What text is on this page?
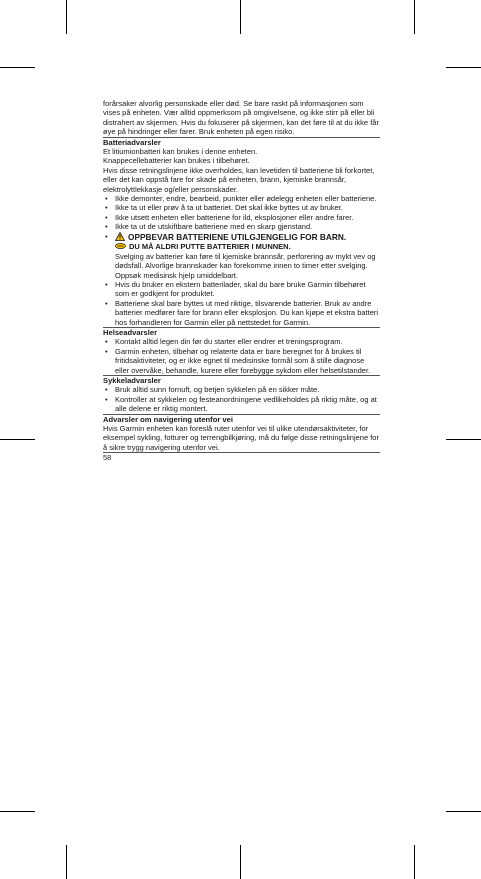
forårsaker alvorlig personskade eller død. Se bare raskt på informasjonen som vises på enheten. Vær alltid oppmerksom på omgivelsene, og ikke stirr på eller bli distrahert av skjermen. Hvis du fokuserer på skjermen, kan det føre til at du ikke får øye på hindringer eller farer. Bruk enheten på egen risiko.

Batteriadvarsler

Et litiumionbatteri kan brukes i denne enheten.

Knappecellebatterier kan brukes i tilbehøret.

Hvis disse retningslinjene ikke overholdes, kan levetiden til batteriene bli forkortet, eller det kan oppstå fare for skade på enheten, brann, kjemiske brannsår, elektrolyttlekkasje og/eller personskader.

• Ikke demonter, endre, bearbeid, punkter eller ødelegg enheten eller batteriene.
• Ikke ta ut eller prøv å ta ut batteriet. Det skal ikke byttes ut av bruker.
• Ikke utsett enheten eller batteriene for ild, eksplosjoner eller andre farer.
• Ikke ta ut de utskiftbare batteriene med en skarp gjenstand.
•	OPPBEVAR BATTERIENE UTILGJENGELIG FOR BARN.
DU MÅ ALDRI PUTTE BATTERIER I MUNNEN.
Svelging av batterier kan føre til kjemiske brannsår, perforering av mykt vev og dødsfall. Alvorlige brannskader kan forekomme innen to timer etter svelging. Oppsøk medisinsk hjelp umiddelbart.
• Hvis du bruker en ekstern batterilader, skal du bare bruke Garmin tilbehøret som er godkjent for produktet.
• Batteriene skal bare byttes ut med riktige, tilsvarende batterier. Bruk av andre batterier medfører fare for brann eller eksplosjon. Du kan kjøpe et ekstra batteri hos forhandleren for Garmin eller på nettstedet for Garmin.

Helseadvarsler

• Kontakt alltid legen din før du starter eller endrer et treningsprogram.
• Garmin enheten, tilbehør og relaterte data er bare beregnet for å brukes til fritidsaktiviteter, og er ikke egnet til medisinske formål som å stille diagnose eller overvåke, behandle, kurere eller forebygge sykdom eller helsetilstander.

Sykkeladvarsler

• Bruk alltid sunn fornuft, og betjen sykkelen på en sikker måte.
• Kontroller at sykkelen og festeanordningene vedlikeholdes på riktig måte, og at alle delene er riktig montert.

Advarsler om navigering utenfor vei

Hvis Garmin enheten kan foreslå ruter utenfor vei til ulike utendørsaktiviteter, for eksempel sykling, fotturer og terrengbilkjøring, må du følge disse retningslinjene for å sikre trygg navigering utenfor vei.

58
